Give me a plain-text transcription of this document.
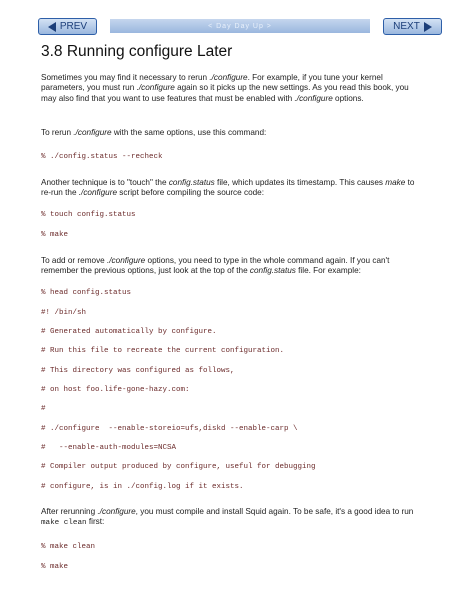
PREV	< Day Day Up >	NEXT
3.8 Running configure Later

Sometimes you may find it necessary to rerun ./configure. For example, if you tune your kernel parameters, you must run ./configure again so it picks up the new settings. As you read this book, you may also find that you want to use features that must be enabled with ./configure options.

To rerun ./configure with the same options, use this command:

% ./config.status --recheck

Another technique is to "touch" the config.status file, which updates its timestamp. This causes make to re-run the ./configure script before compiling the source code:

% touch config.status
% make

To add or remove ./configure options, you need to type in the whole command again. If you can't remember the previous options, just look at the top of the config.status file. For example:

% head config.status
#! /bin/sh
# Generated automatically by configure.
# Run this file to recreate the current configuration.
# This directory was configured as follows,
# on host foo.life-gone-hazy.com:
#
# ./configure  --enable-storeio=ufs,diskd --enable-carp \
#   --enable-auth-modules=NCSA
# Compiler output produced by configure, useful for debugging
# configure, is in ./config.log if it exists.

After rerunning ./configure, you must compile and install Squid again. To be safe, it's a good idea to run make clean first:

% make clean
% make
